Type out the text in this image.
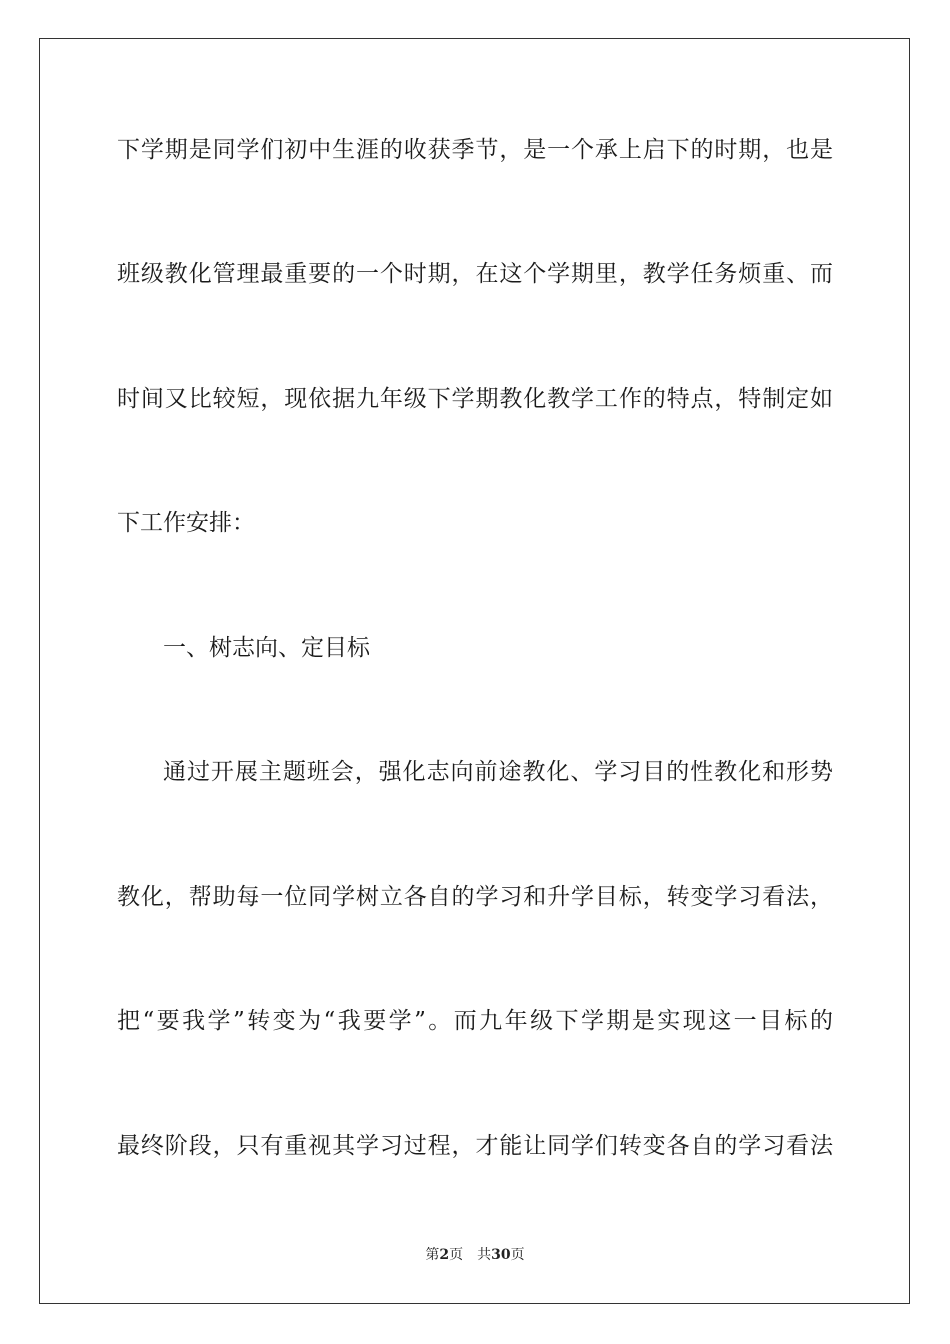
下学期是同学们初中生涯的收获季节，是一个承上启下的时期，也是
班级教化管理最重要的一个时期，在这个学期里，教学任务烦重、而
时间又比较短，现依据九年级下学期教化教学工作的特点，特制定如
下工作安排：
一、树志向、定目标
通过开展主题班会，强化志向前途教化、学习目的性教化和形势
教化，帮助每一位同学树立各自的学习和升学目标，转变学习看法，
把“要我学”转变为“我要学”。而九年级下学期是实现这一目标的
最终阶段，只有重视其学习过程，才能让同学们转变各自的学习看法
第2页 共30页
